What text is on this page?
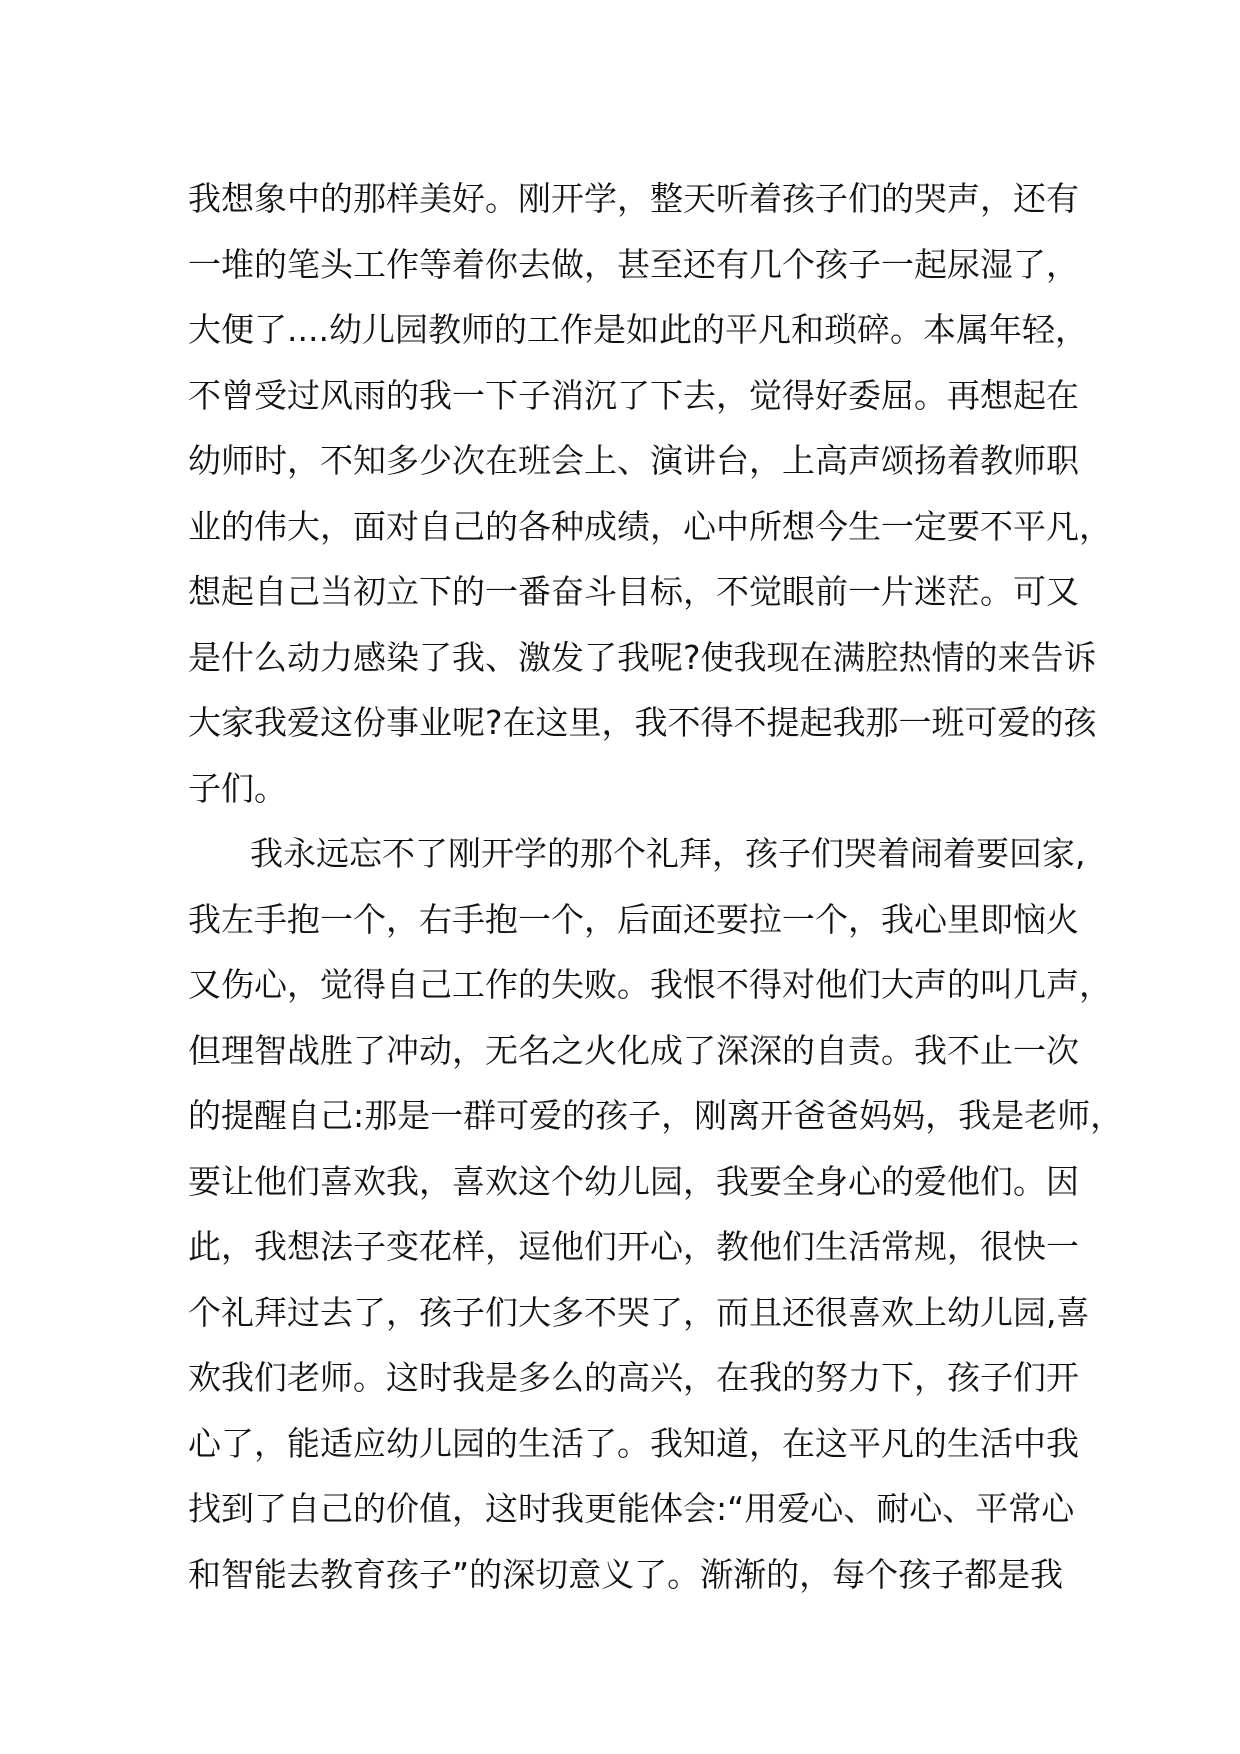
我想象中的那样美好。刚开学，整天听着孩子们的哭声，还有
一堆的笔头工作等着你去做，甚至还有几个孩子一起尿湿了，
大便了....幼儿园教师的工作是如此的平凡和琐碎。本属年轻，
不曾受过风雨的我一下子消沉了下去，觉得好委屈。再想起在
幼师时，不知多少次在班会上、演讲台，上高声颂扬着教师职
业的伟大，面对自己的各种成绩，心中所想今生一定要不平凡，
想起自己当初立下的一番奋斗目标，不觉眼前一片迷茫。可又
是什么动力感染了我、激发了我呢?使我现在满腔热情的来告诉
大家我爱这份事业呢?在这里，我不得不提起我那一班可爱的孩
子们。
我永远忘不了刚开学的那个礼拜，孩子们哭着闹着要回家,
我左手抱一个，右手抱一个，后面还要拉一个，我心里即恼火
又伤心，觉得自己工作的失败。我恨不得对他们大声的叫几声，
但理智战胜了冲动，无名之火化成了深深的自责。我不止一次
的提醒自己:那是一群可爱的孩子，刚离开爸爸妈妈，我是老师，
要让他们喜欢我，喜欢这个幼儿园，我要全身心的爱他们。因
此，我想法子变花样，逗他们开心，教他们生活常规，很快一
个礼拜过去了，孩子们大多不哭了，而且还很喜欢上幼儿园,喜
欢我们老师。这时我是多么的高兴，在我的努力下，孩子们开
心了，能适应幼儿园的生活了。我知道，在这平凡的生活中我
找到了自己的价值，这时我更能体会:“用爱心、耐心、平常心
和智能去教育孩子”的深切意义了。渐渐的，每个孩子都是我
